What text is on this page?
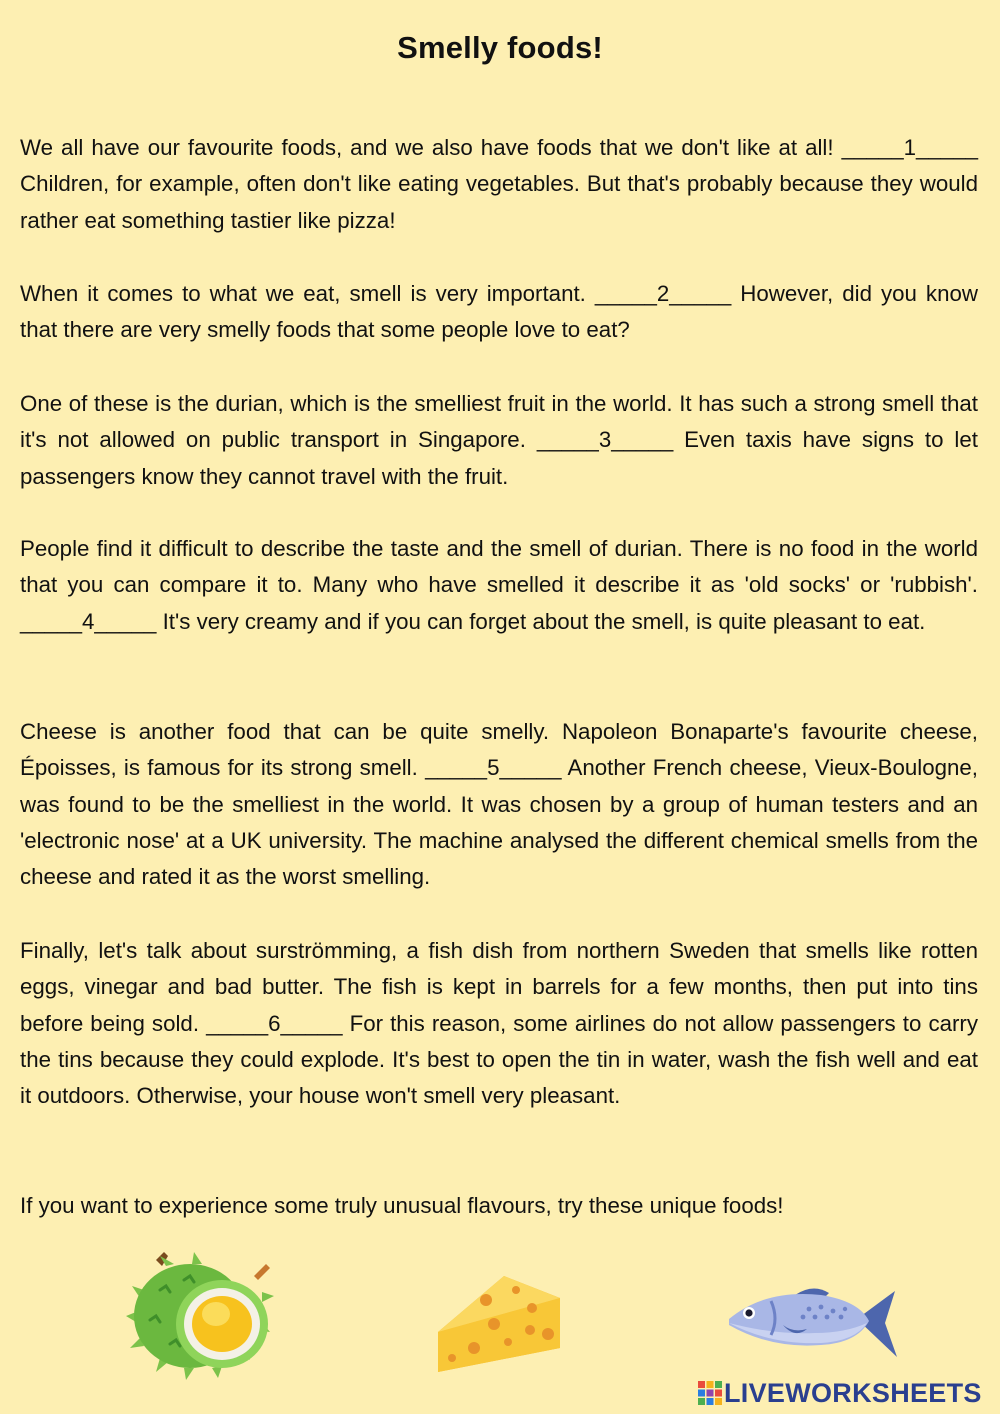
Smelly foods!

We all have our favourite foods, and we also have foods that we don't like at all! _____1_____ Children, for example, often don't like eating vegetables. But that's probably because they would rather eat something tastier like pizza!

When it comes to what we eat, smell is very important. _____2_____ However, did you know that there are very smelly foods that some people love to eat?

One of these is the durian, which is the smelliest fruit in the world. It has such a strong smell that it's not allowed on public transport in Singapore. _____3_____ Even taxis have signs to let passengers know they cannot travel with the fruit.

People find it difficult to describe the taste and the smell of durian. There is no food in the world that you can compare it to. Many who have smelled it describe it as 'old socks' or 'rubbish'. _____4_____ It's very creamy and if you can forget about the smell, is quite pleasant to eat.

Cheese is another food that can be quite smelly. Napoleon Bonaparte's favourite cheese, Époisses, is famous for its strong smell. _____5_____ Another French cheese, Vieux-Boulogne, was found to be the smelliest in the world. It was chosen by a group of human testers and an 'electronic nose' at a UK university. The machine analysed the different chemical smells from the cheese and rated it as the worst smelling.

Finally, let's talk about surströmming, a fish dish from northern Sweden that smells like rotten eggs, vinegar and bad butter. The fish is kept in barrels for a few months, then put into tins before being sold. _____6_____ For this reason, some airlines do not allow passengers to carry the tins because they could explode. It's best to open the tin in water, wash the fish well and eat it outdoors. Otherwise, your house won't smell very pleasant.

If you want to experience some truly unusual flavours, try these unique foods!

LIVEWORKSHEETS
